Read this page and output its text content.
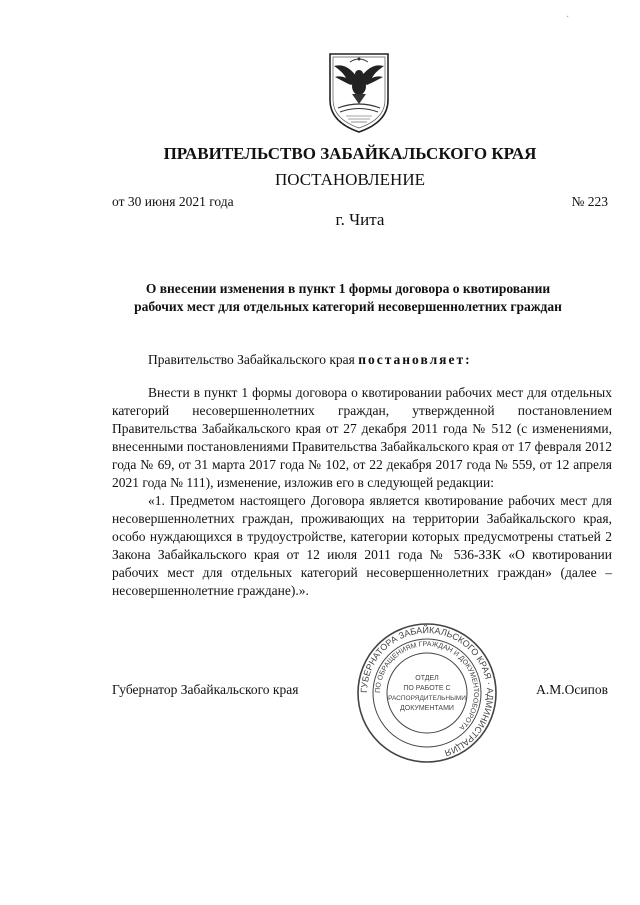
·
ПРАВИТЕЛЬСТВО ЗАБАЙКАЛЬСКОГО КРАЯ
ПОСТАНОВЛЕНИЕ
от 30 июня 2021 года	№ 223
г. Чита
О внесении изменения в пункт 1 формы договора о квотировании
рабочих мест для отдельных категорий несовершеннолетних граждан
Правительство Забайкальского края постановляет:

Внести в пункт 1 формы договора о квотировании рабочих мест для отдельных категорий несовершеннолетних граждан, утвержденной постановлением Правительства Забайкальского края от 27 декабря 2011 года № 512 (с изменениями, внесенными постановлениями Правительства Забайкальского края от 17 февраля 2012 года № 69, от 31 марта 2017 года № 102, от 22 декабря 2017 года № 559, от 12 апреля 2021 года № 111), изменение, изложив его в следующей редакции:

«1. Предметом настоящего Договора является квотирование рабочих мест для несовершеннолетних граждан, проживающих на территории Забайкальского края, особо нуждающихся в трудоустройстве, категории которых предусмотрены статьей 2 Закона Забайкальского края от 12 июля 2011 года № 536-ЗЗК «О квотировании рабочих мест для отдельных категорий несовершеннолетних граждан» (далее – несовершеннолетние граждане).».

Губернатор Забайкальского края	А.М.Осипов
ГУБЕРНАТОРА ЗАБАЙКАЛЬСКОГО КРАЯ · АДМИНИСТРАЦИЯ
ПО ОБРАЩЕНИЯМ ГРАЖДАН И ДОКУМЕНТООБОРОТА
ОТДЕЛ
ПО РАБОТЕ С
РАСПОРЯДИТЕЛЬНЫМИ
ДОКУМЕНТАМИ
